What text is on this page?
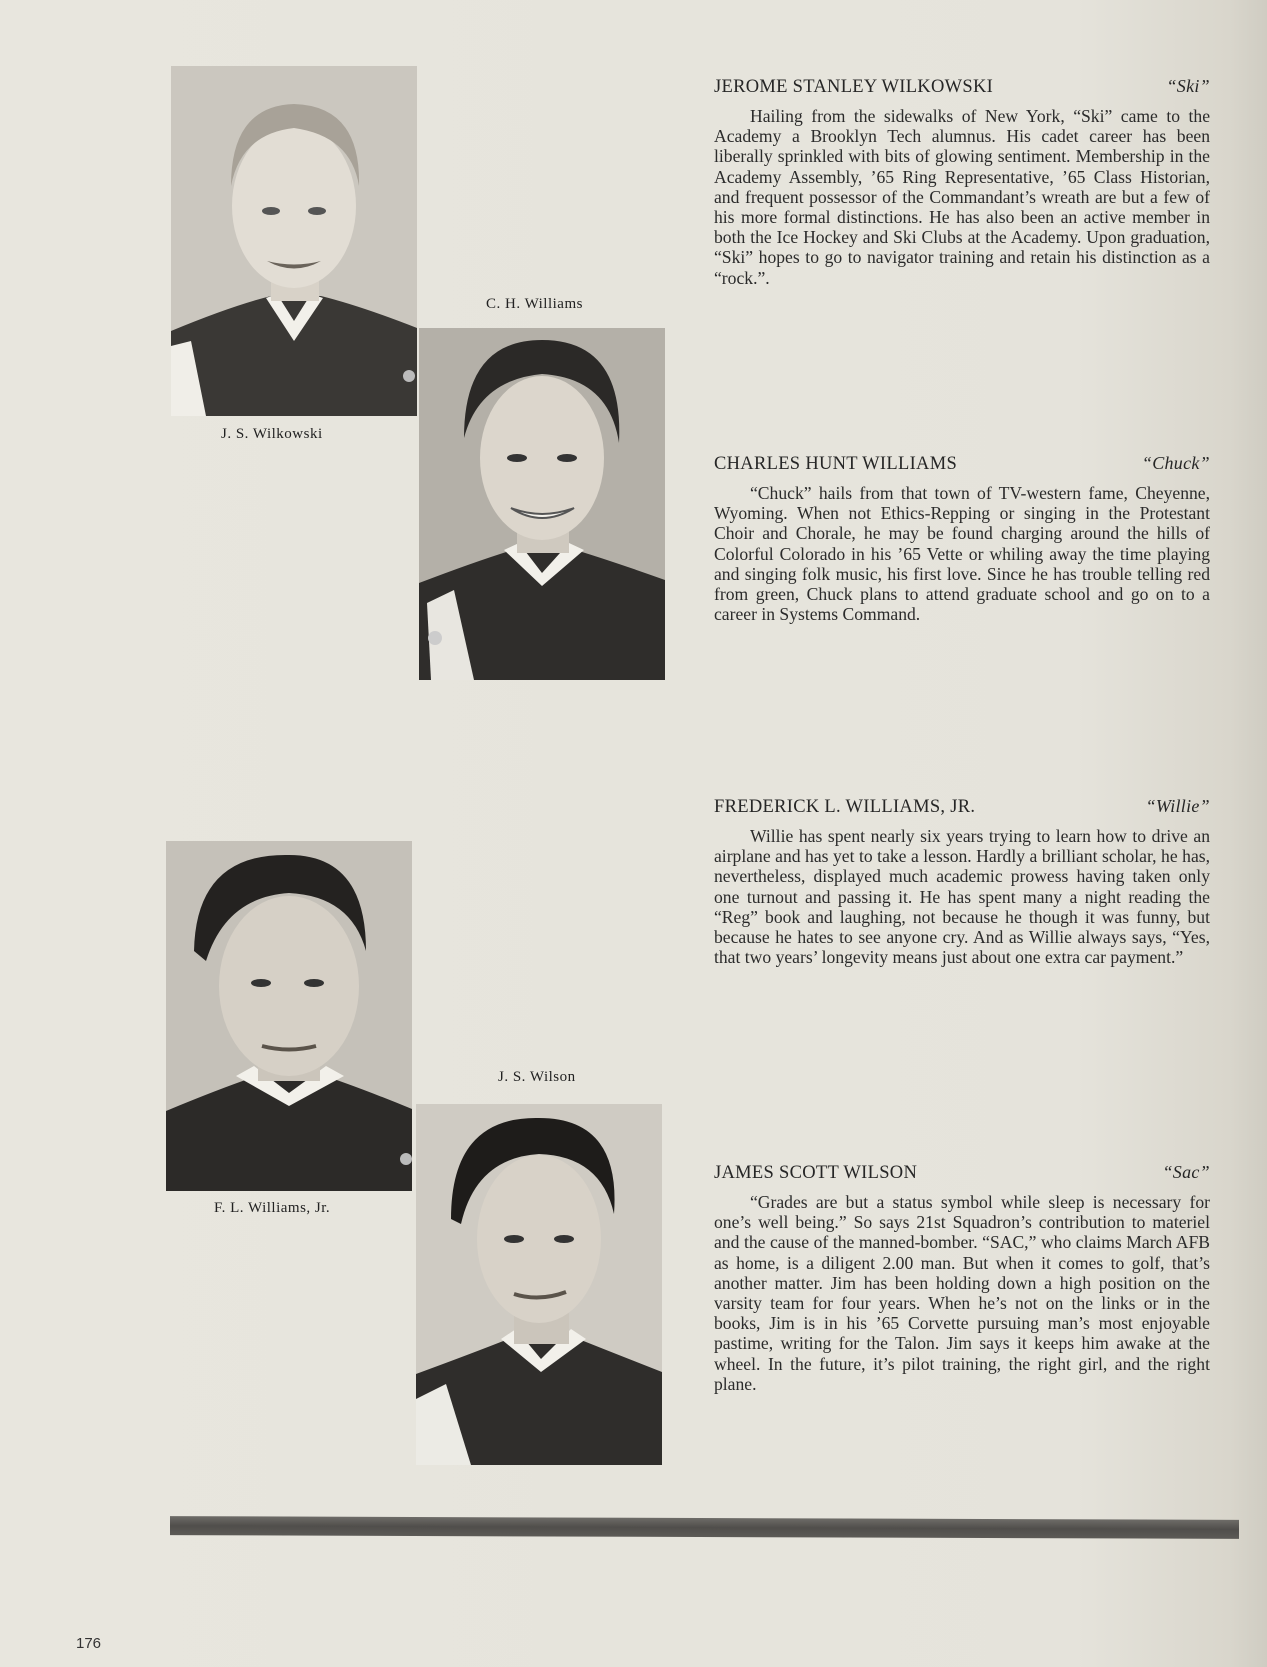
J. S. Wilkowski
C. H. Williams
F. L. Williams, Jr.
J. S. Wilson
JEROME STANLEY WILKOWSKI	“Ski”

Hailing from the sidewalks of New York, “Ski” came to the Academy a Brooklyn Tech alumnus. His cadet career has been liberally sprinkled with bits of glowing sentiment. Membership in the Academy Assembly, ’65 Ring Representative, ’65 Class Historian, and frequent possessor of the Commandant’s wreath are but a few of his more formal distinctions. He has also been an active member in both the Ice Hockey and Ski Clubs at the Academy. Upon graduation, “Ski” hopes to go to navigator training and retain his distinction as a “rock.”.

CHARLES HUNT WILLIAMS	“Chuck”

“Chuck” hails from that town of TV-western fame, Cheyenne, Wyoming. When not Ethics-Repping or singing in the Protestant Choir and Chorale, he may be found charging around the hills of Colorful Colorado in his ’65 Vette or whiling away the time playing and singing folk music, his first love. Since he has trouble telling red from green, Chuck plans to attend graduate school and go on to a career in Systems Command.

FREDERICK L. WILLIAMS, JR.	“Willie”

Willie has spent nearly six years trying to learn how to drive an airplane and has yet to take a lesson. Hardly a brilliant scholar, he has, nevertheless, displayed much academic prowess having taken only one turnout and passing it. He has spent many a night reading the “Reg” book and laughing, not because he though it was funny, but because he hates to see anyone cry. And as Willie always says, “Yes, that two years’ longevity means just about one extra car payment.”

JAMES SCOTT WILSON	“Sac”

“Grades are but a status symbol while sleep is necessary for one’s well being.” So says 21st Squadron’s contribution to materiel and the cause of the manned-bomber. “SAC,” who claims March AFB as home, is a diligent 2.00 man. But when it comes to golf, that’s another matter. Jim has been holding down a high position on the varsity team for four years. When he’s not on the links or in the books, Jim is in his ’65 Corvette pursuing man’s most enjoyable pastime, writing for the Talon. Jim says it keeps him awake at the wheel. In the future, it’s pilot training, the right girl, and the right plane.

176
